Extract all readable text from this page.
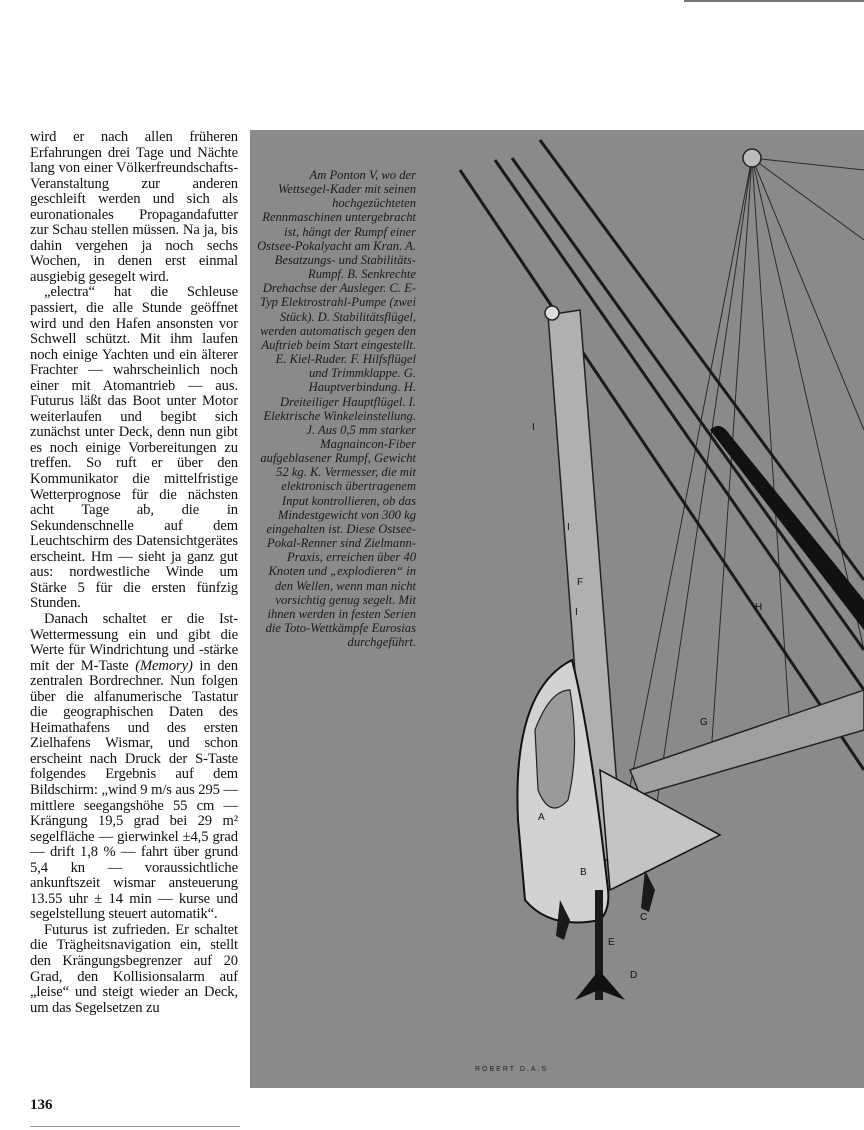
wird er nach allen früheren Erfahrungen drei Tage und Nächte lang von einer Völkerfreundschafts-Veranstaltung zur anderen geschleift werden und sich als euronationales Propagandafutter zur Schau stellen müssen. Na ja, bis dahin vergehen ja noch sechs Wochen, in denen erst einmal ausgiebig gesegelt wird.

„electra“ hat die Schleuse passiert, die alle Stunde geöffnet wird und den Hafen ansonsten vor Schwell schützt. Mit ihm laufen noch einige Yachten und ein älterer Frachter — wahrscheinlich noch einer mit Atomantrieb — aus. Futurus läßt das Boot unter Motor weiterlaufen und begibt sich zunächst unter Deck, denn nun gibt es noch einige Vorbereitungen zu treffen. So ruft er über den Kommunikator die mittelfristige Wetterprognose für die nächsten acht Tage ab, die in Sekundenschnelle auf dem Leuchtschirm des Datensichtgerätes erscheint. Hm — sieht ja ganz gut aus: nordwestliche Winde um Stärke 5 für die ersten fünfzig Stunden.

Danach schaltet er die Ist-Wettermessung ein und gibt die Werte für Windrichtung und -stärke mit der M-Taste (Memory) in den zentralen Bordrechner. Nun folgen über die alfanumerische Tastatur die geographischen Daten des Heimathafens und des ersten Zielhafens Wismar, und schon erscheint nach Druck der S-Taste folgendes Ergebnis auf dem Bildschirm: „wind 9 m/s aus 295 — mittlere seegangshöhe 55 cm — Krängung 19,5 grad bei 29 m² segelfläche — gierwinkel ±4,5 grad — drift 1,8 % — fahrt über grund 5,4 kn — voraussichtliche ankunftszeit wismar ansteuerung 13.55 uhr ± 14 min — kurse und segelstellung steuert automatik“.

Futurus ist zufrieden. Er schaltet die Trägheitsnavigation ein, stellt den Krängungsbegrenzer auf 20 Grad, den Kollisionsalarm auf „leise“ und steigt wieder an Deck, um das Segelsetzen zu

136
A
B
C
D
E
F
G
H
I
I
I
Am Ponton V, wo der Wettsegel-Kader mit seinen hochgezüchteten Rennmaschinen untergebracht ist, hängt der Rumpf einer Ostsee-Pokalyacht am Kran. A. Besatzungs- und Stabilitäts-Rumpf. B. Senkrechte Drehachse der Ausleger. C. E-Typ Elektrostrahl-Pumpe (zwei Stück). D. Stabilitätsflügel, werden automatisch gegen den Auftrieb beim Start eingestellt. E. Kiel-Ruder. F. Hilfsflügel und Trimmklappe. G. Hauptverbindung. H. Dreiteiliger Hauptflügel. I. Elektrische Winkeleinstellung. J. Aus 0,5 mm starker Magnaincon-Fiber aufgeblasener Rumpf, Gewicht 52 kg. K. Vermesser, die mit elektronisch übertragenem Input kontrollieren, ob das Mindestgewicht von 300 kg eingehalten ist. Diese Ostsee-Pokal-Renner sind Zielmann-Praxis, erreichen über 40 Knoten und „explodieren“ in den Wellen, wenn man nicht vorsichtig genug segelt. Mit ihnen werden in festen Serien die Toto-Wettkämpfe Eurosias durchgeführt.
ROBERT D.A.S
